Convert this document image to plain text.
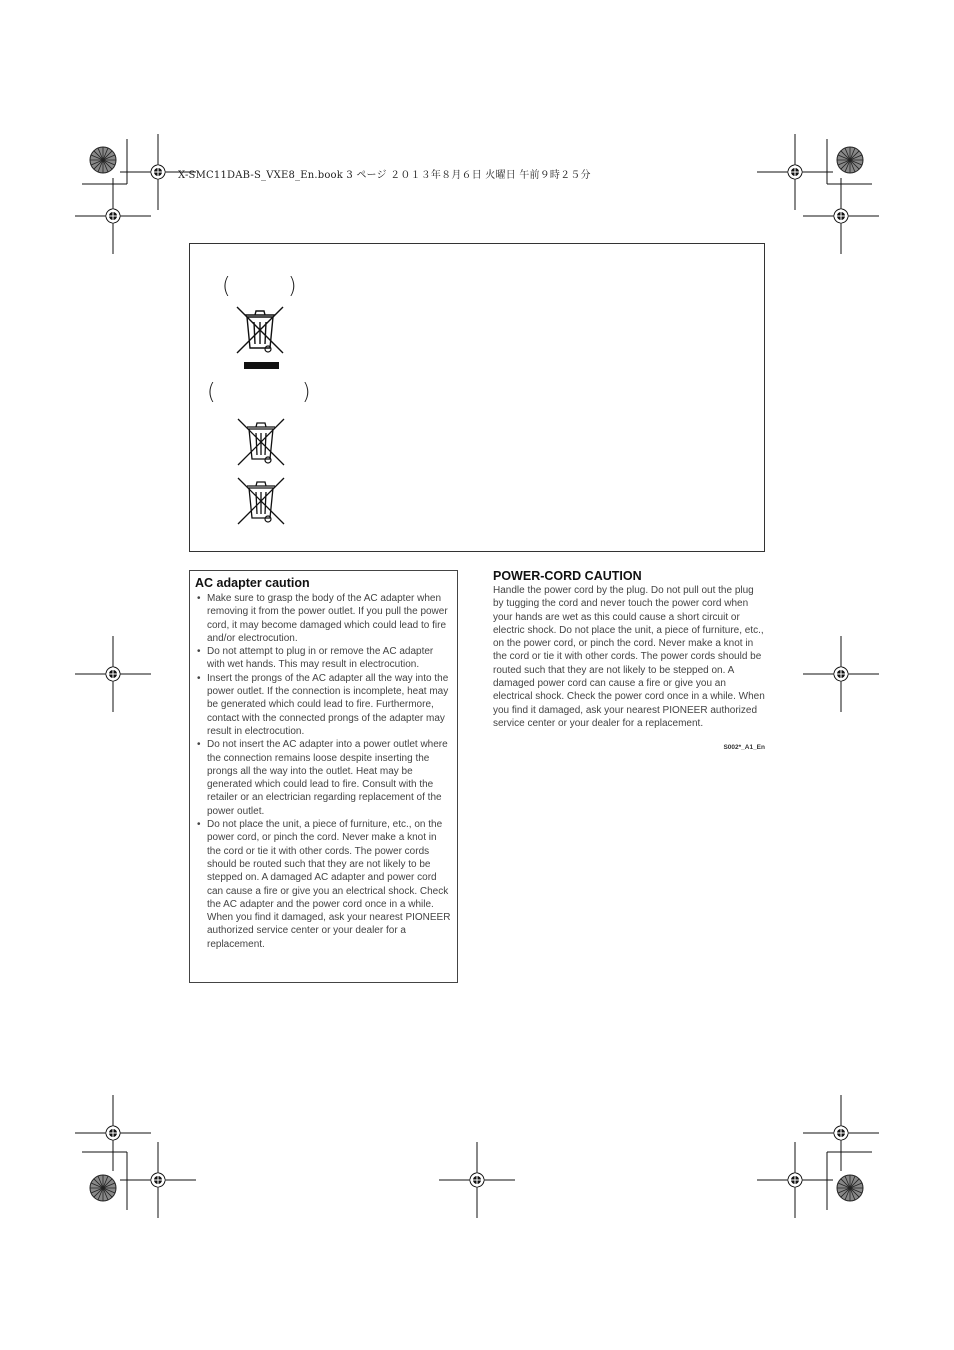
X-SMC11DAB-S_VXE8_En.book 3 ページ ２０１３年８月６日 火曜日 午前９時２５分
(	)
(	)
AC adapter caution
• Make sure to grasp the body of the AC adapter when removing it from the power outlet. If you pull the power cord, it may become damaged which could lead to fire and/or electrocution.
• Do not attempt to plug in or remove the AC adapter with wet hands. This may result in electrocution.
• Insert the prongs of the AC adapter all the way into the power outlet. If the connection is incomplete, heat may be generated which could lead to fire. Furthermore, contact with the connected prongs of the adapter may result in electrocution.
• Do not insert the AC adapter into a power outlet where the connection remains loose despite inserting the prongs all the way into the outlet. Heat may be generated which could lead to fire. Consult with the retailer or an electrician regarding replacement of the power outlet.
• Do not place the unit, a piece of furniture, etc., on the power cord, or pinch the cord. Never make a knot in the cord or tie it with other cords. The power cords should be routed such that they are not likely to be stepped on. A damaged AC adapter and power cord can cause a fire or give you an electrical shock. Check the AC adapter and the power cord once in a while. When you find it damaged, ask your nearest PIONEER authorized service center or your dealer for a replacement.
POWER-CORD CAUTION

Handle the power cord by the plug. Do not pull out the plug by tugging the cord and never touch the power cord when your hands are wet as this could cause a short circuit or electric shock. Do not place the unit, a piece of furniture, etc., on the power cord, or pinch the cord. Never make a knot in the cord or tie it with other cords. The power cords should be routed such that they are not likely to be stepped on. A damaged power cord can cause a fire or give you an electrical shock. Check the power cord once in a while. When you find it damaged, ask your nearest PIONEER authorized service center or your dealer for a replacement.

S002*_A1_En
